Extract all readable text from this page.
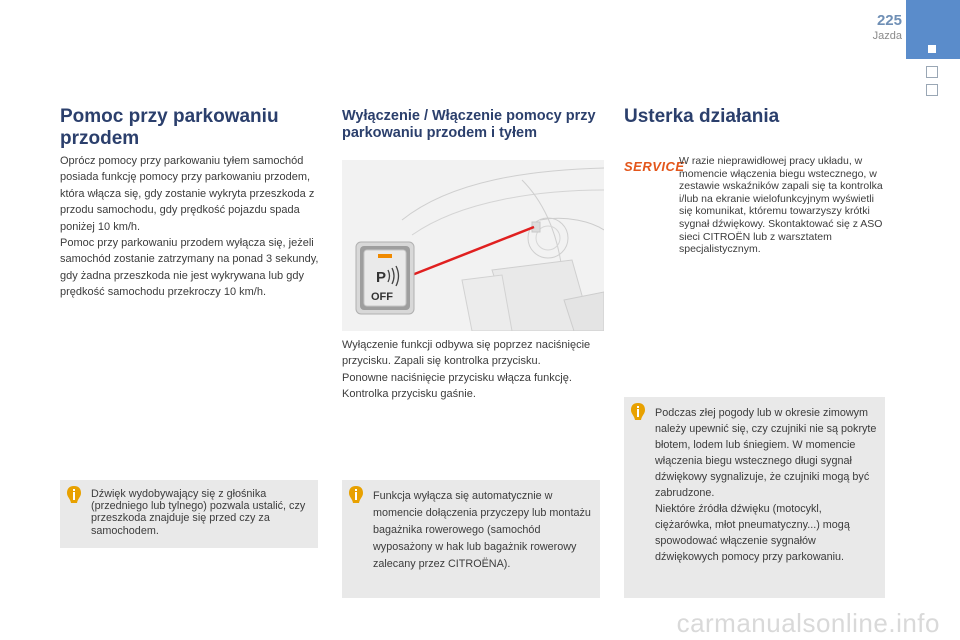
225
Jazda
Pomoc przy parkowaniu przodem

Oprócz pomocy przy parkowaniu tyłem samochód posiada funkcję pomocy przy parkowaniu przodem, która włącza się, gdy zostanie wykryta przeszkoda z przodu samochodu, gdy prędkość pojazdu spada poniżej 10 km/h.

Pomoc przy parkowaniu przodem wyłącza się, jeżeli samochód zostanie zatrzymany na ponad 3 sekundy, gdy żadna przeszkoda nie jest wykrywana lub gdy prędkość samochodu przekroczy 10 km/h.

Dźwięk wydobywający się z głośnika (przedniego lub tylnego) pozwala ustalić, czy przeszkoda znajduje się przed czy za samochodem.

Wyłączenie / Włączenie pomocy przy parkowaniu przodem i tyłem
P
OFF

Wyłączenie funkcji odbywa się poprzez naciśnięcie przycisku. Zapali się kontrolka przycisku.

Ponowne naciśnięcie przycisku włącza funkcję. Kontrolka przycisku gaśnie.

Funkcja wyłącza się automatycznie w momencie dołączenia przyczepy lub montażu bagażnika rowerowego (samochód wyposażony w hak lub bagażnik rowerowy zalecany przez CITROËNA).

Usterka działania
SERVICE
W razie nieprawidłowej pracy układu, w momencie włączenia biegu wstecznego, w zestawie wskaźników zapali się ta kontrolka i/lub na ekranie wielofunkcyjnym wyświetli się komunikat, któremu towarzyszy krótki sygnał dźwiękowy. Skontaktować się z ASO sieci CITROËN lub z warsztatem specjalistycznym.

Podczas złej pogody lub w okresie zimowym należy upewnić się, czy czujniki nie są pokryte błotem, lodem lub śniegiem. W momencie włączenia biegu wstecznego długi sygnał dźwiękowy sygnalizuje, że czujniki mogą być zabrudzone.

Niektóre źródła dźwięku (motocykl, ciężarówka, młot pneumatyczny...) mogą spowodować włączenie sygnałów dźwiękowych pomocy przy parkowaniu.

carmanualsonline.info
